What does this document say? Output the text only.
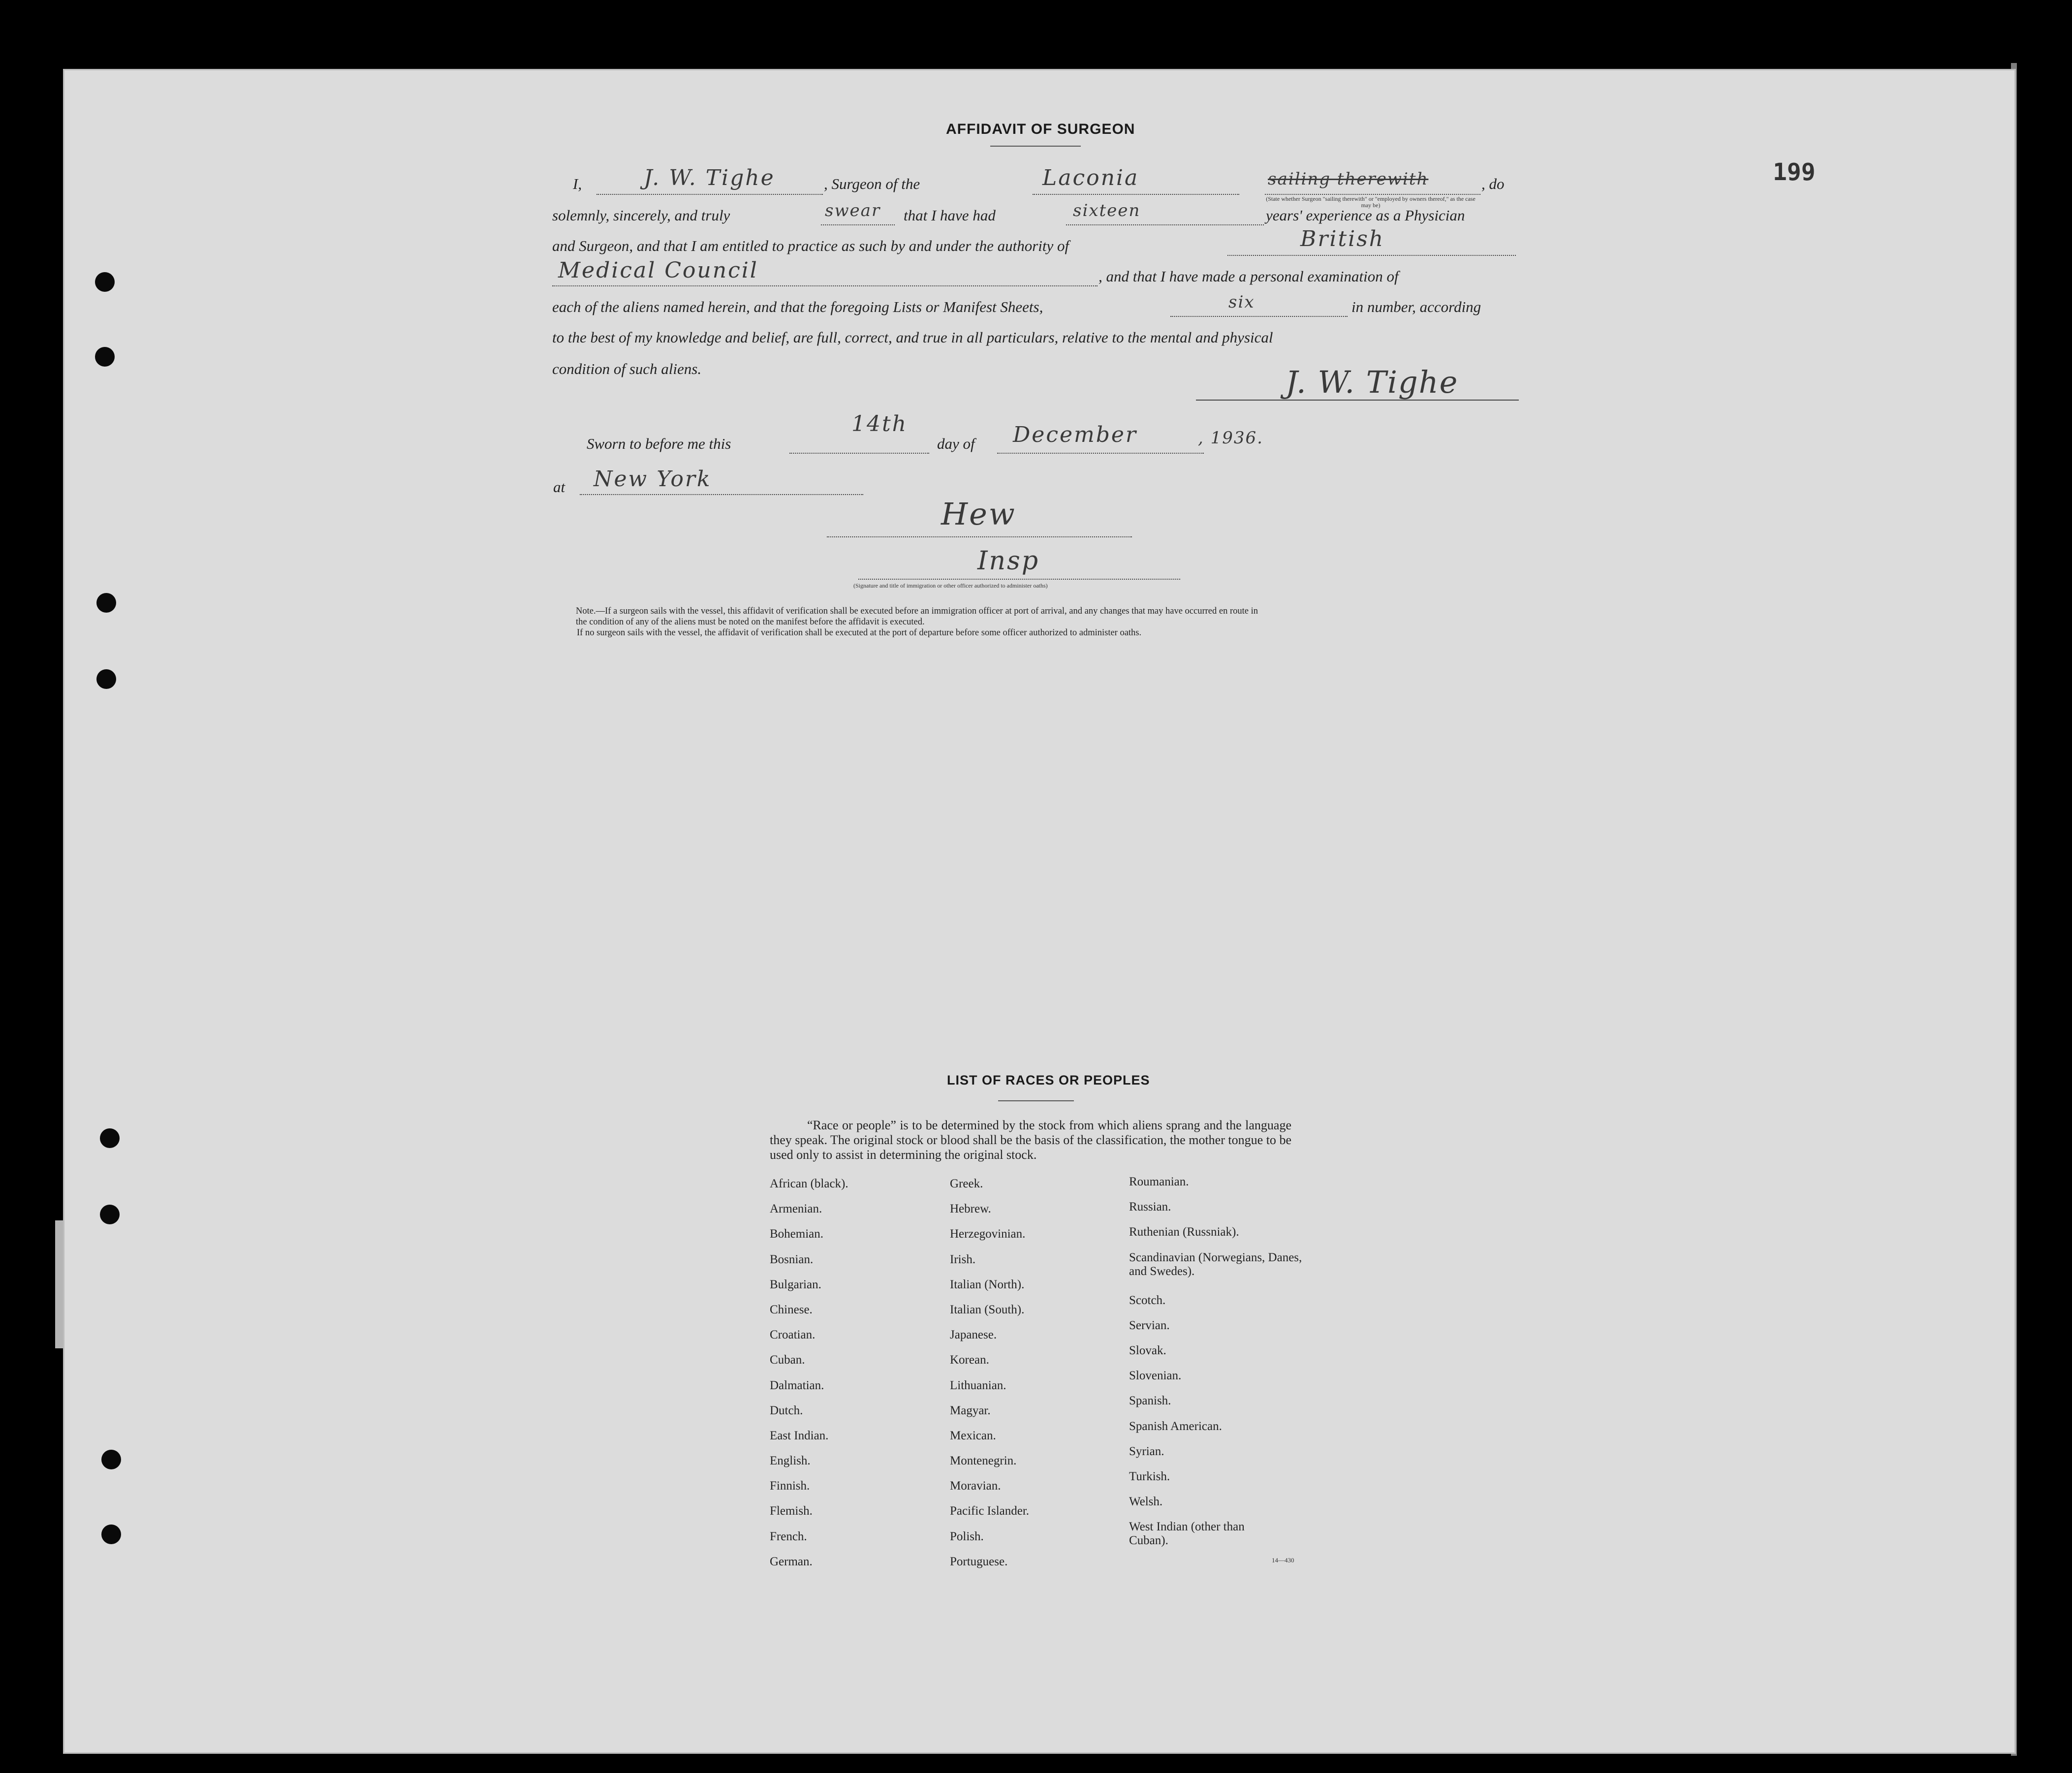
199
AFFIDAVIT OF SURGEON
I,	J. W. Tighe	, Surgeon of the	Laconia	sailing therewith	, do
(State whether Surgeon "sailing therewith" or "employed by owners thereof," as the case may be)
solemnly, sincerely, and truly	swear that I have had	sixteen	years' experience as a Physician
and Surgeon, and that I am entitled to practice as such by and under the authority of	British
Medical Council	, and that I have made a personal examination of
each of the aliens named herein, and that the foregoing Lists or Manifest Sheets,	six	in number, according
to the best of my knowledge and belief, are full, correct, and true in all particulars, relative to the mental and physical
condition of such aliens.	J. W. Tighe
Sworn to before me this
14th
day of December	, 1936.
at New York
Hew
Insp
(Signature and title of immigration or other officer authorized to administer oaths)
Note.—If a surgeon sails with the vessel, this affidavit of verification shall be executed before an immigration officer at port of arrival, and any changes that may have occurred en route in
the condition of any of the aliens must be noted on the manifest before the affidavit is executed.
If no surgeon sails with the vessel, the affidavit of verification shall be executed at the port of departure before some officer authorized to administer oaths.
LIST OF RACES OR PEOPLES
“Race or people” is to be determined by the stock from which aliens sprang and the language they speak. The original stock or blood shall be the basis of the classification, the mother tongue to be used only to assist in determining the original stock.
African (black).
Armenian.
Bohemian.
Bosnian.
Bulgarian.
Chinese.
Croatian.
Cuban.
Dalmatian.
Dutch.
East Indian.
English.
Finnish.
Flemish.
French.
German.
Greek.
Hebrew.
Herzegovinian.
Irish.
Italian (North).
Italian (South).
Japanese.
Korean.
Lithuanian.
Magyar.
Mexican.
Montenegrin.
Moravian.
Pacific Islander.
Polish.
Portuguese.
Roumanian.
Russian.
Ruthenian (Russniak).
Scandinavian (Norwegians, Danes, and Swedes).
Scotch.
Servian.
Slovak.
Slovenian.
Spanish.
Spanish American.
Syrian.
Turkish.
Welsh.
West Indian (other than Cuban).
14—430
